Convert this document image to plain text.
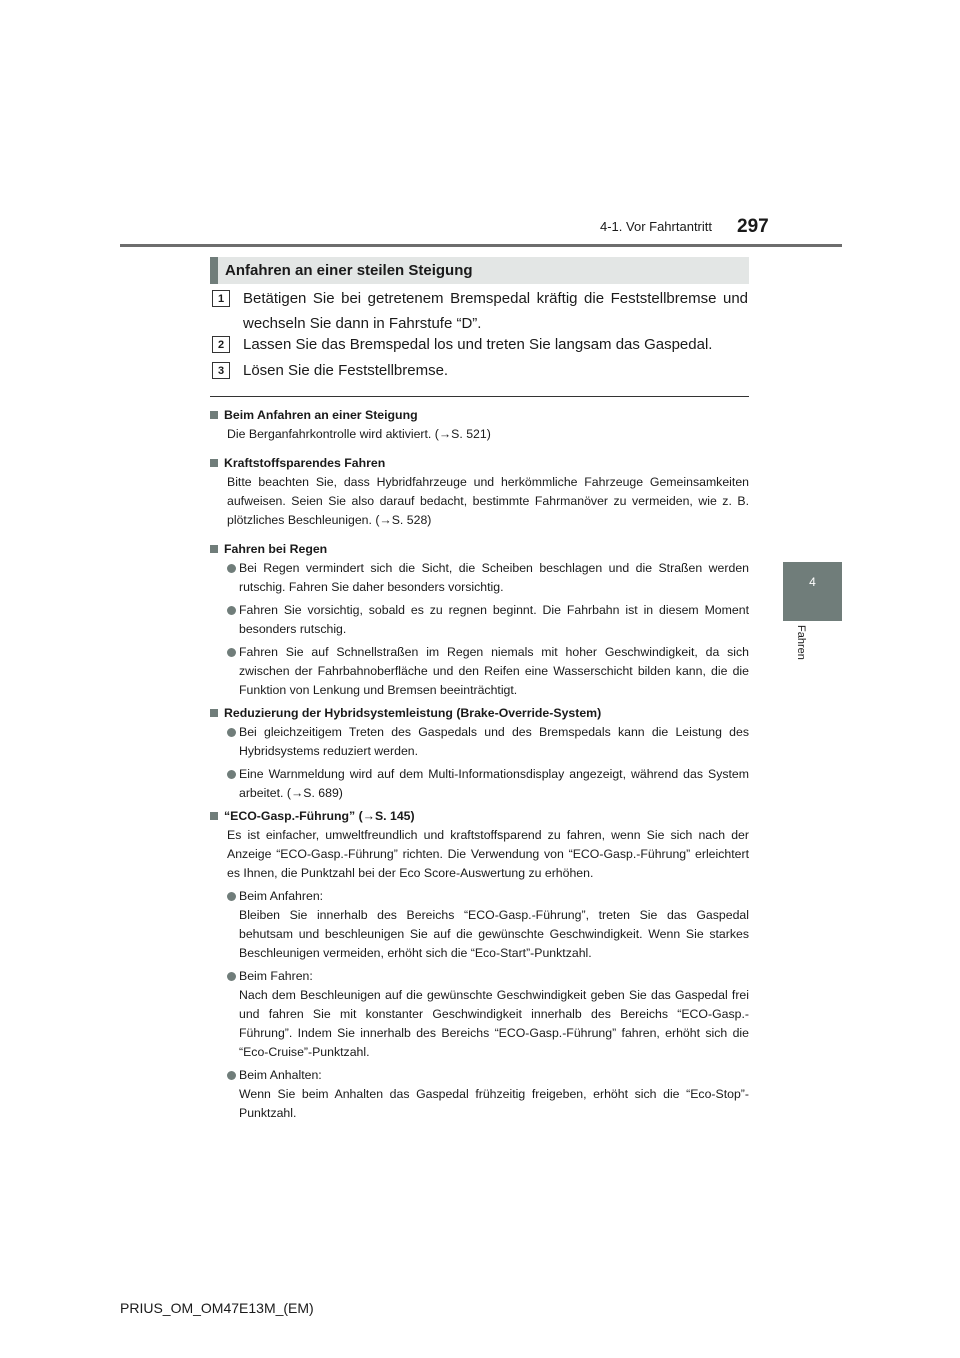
4-1. Vor Fahrtantritt 297
4
Fahren
Anfahren an einer steilen Steigung
1	Betätigen Sie bei getretenem Bremspedal kräftig die Feststellbremse und wechseln Sie dann in Fahrstufe “D”.
2	Lassen Sie das Bremspedal los und treten Sie langsam das Gaspedal.
3	Lösen Sie die Feststellbremse.
Beim Anfahren an einer Steigung
Die Berganfahrkontrolle wird aktiviert. (→S. 521)
Kraftstoffsparendes Fahren
Bitte beachten Sie, dass Hybridfahrzeuge und herkömmliche Fahrzeuge Gemeinsamkeiten aufweisen. Seien Sie also darauf bedacht, bestimmte Fahrmanöver zu vermeiden, wie z. B. plötzliches Beschleunigen. (→S. 528)
Fahren bei Regen
Bei Regen vermindert sich die Sicht, die Scheiben beschlagen und die Straßen werden rutschig. Fahren Sie daher besonders vorsichtig.
Fahren Sie vorsichtig, sobald es zu regnen beginnt. Die Fahrbahn ist in diesem Moment besonders rutschig.
Fahren Sie auf Schnellstraßen im Regen niemals mit hoher Geschwindigkeit, da sich zwischen der Fahrbahnoberfläche und den Reifen eine Wasserschicht bilden kann, die die Funktion von Lenkung und Bremsen beeinträchtigt.
Reduzierung der Hybridsystemleistung (Brake-Override-System)
Bei gleichzeitigem Treten des Gaspedals und des Bremspedals kann die Leistung des Hybridsystems reduziert werden.
Eine Warnmeldung wird auf dem Multi-Informationsdisplay angezeigt, während das System arbeitet. (→S. 689)
“ECO-Gasp.-Führung” (→S. 145)
Es ist einfacher, umweltfreundlich und kraftstoffsparend zu fahren, wenn Sie sich nach der Anzeige “ECO-Gasp.-Führung” richten. Die Verwendung von “ECO-Gasp.-Führung” erleichtert es Ihnen, die Punktzahl bei der Eco Score-Auswertung zu erhöhen.
Beim Anfahren:
Bleiben Sie innerhalb des Bereichs “ECO-Gasp.-Führung”, treten Sie das Gaspedal behutsam und beschleunigen Sie auf die gewünschte Geschwindigkeit. Wenn Sie starkes Beschleunigen vermeiden, erhöht sich die “Eco-Start”-Punktzahl.
Beim Fahren:
Nach dem Beschleunigen auf die gewünschte Geschwindigkeit geben Sie das Gaspedal frei und fahren Sie mit konstanter Geschwindigkeit innerhalb des Bereichs “ECO-Gasp.-Führung”. Indem Sie innerhalb des Bereichs “ECO-Gasp.-Führung” fahren, erhöht sich die “Eco-Cruise”-Punktzahl.
Beim Anhalten:
Wenn Sie beim Anhalten das Gaspedal frühzeitig freigeben, erhöht sich die “Eco-Stop”-Punktzahl.
PRIUS_OM_OM47E13M_(EM)
